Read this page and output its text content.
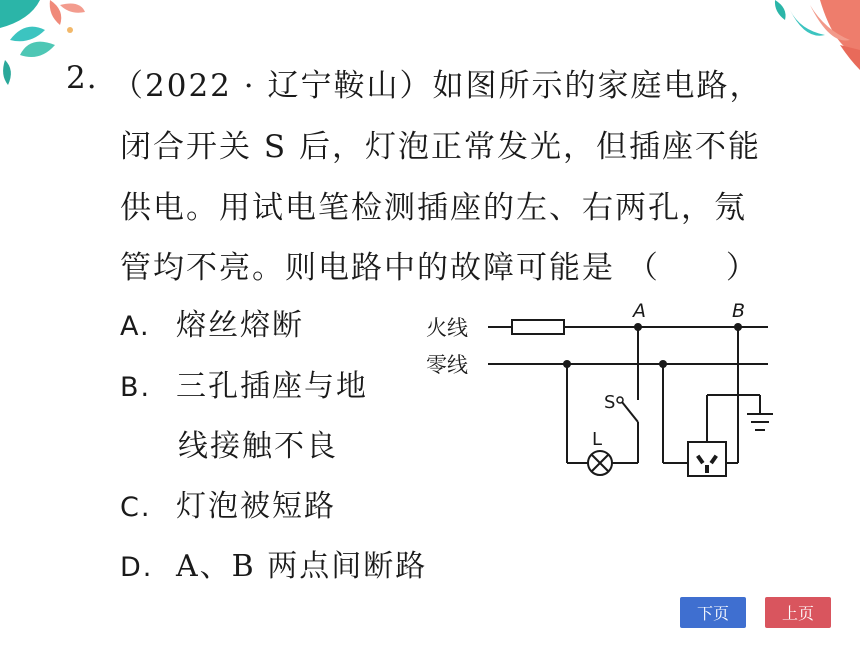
2. （2022 · 辽宁鞍山）如图所示的家庭电路，
闭合开关 S 后，灯泡正常发光，但插座不能
供电。用试电笔检测插座的左、右两孔，氖
管均不亮。则电路中的故障可能是 （　　）
A. 熔丝熔断
B. 三孔插座与地
线接触不良
C. 灯泡被短路
D. A、B 两点间断路
火线
零线
A	B
S
L
下页	上页
